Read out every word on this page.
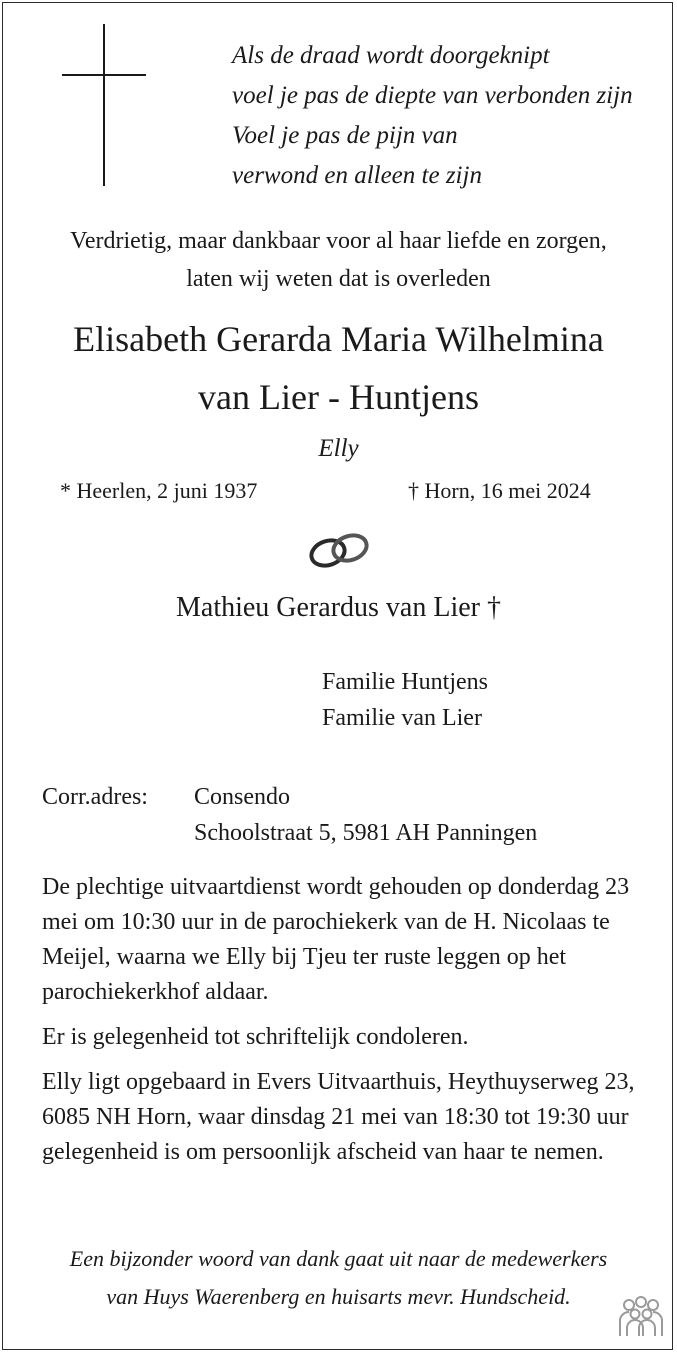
Als de draad wordt doorgeknipt
voel je pas de diepte van verbonden zijn
Voel je pas de pijn van
verwond en alleen te zijn
Verdrietig, maar dankbaar voor al haar liefde en zorgen,
laten wij weten dat is overleden
Elisabeth Gerarda Maria Wilhelmina
van Lier - Huntjens
Elly
* Heerlen, 2 juni 1937	† Horn, 16 mei 2024
Mathieu Gerardus van Lier †
Familie Huntjens
Familie van Lier
Corr.adres: Consendo
Schoolstraat 5, 5981 AH Panningen

De plechtige uitvaartdienst wordt gehouden op donderdag 23 mei om 10:30 uur in de parochiekerk van de H. Nicolaas te Meijel, waarna we Elly bij Tjeu ter ruste leggen op het parochiekerkhof aldaar.

Er is gelegenheid tot schriftelijk condoleren.

Elly ligt opgebaard in Evers Uitvaarthuis, Heythuyserweg 23, 6085 NH Horn, waar dinsdag 21 mei van 18:30 tot 19:30 uur gelegenheid is om persoonlijk afscheid van haar te nemen.

Een bijzonder woord van dank gaat uit naar de medewerkers
van Huys Waerenberg en huisarts mevr. Hundscheid.
